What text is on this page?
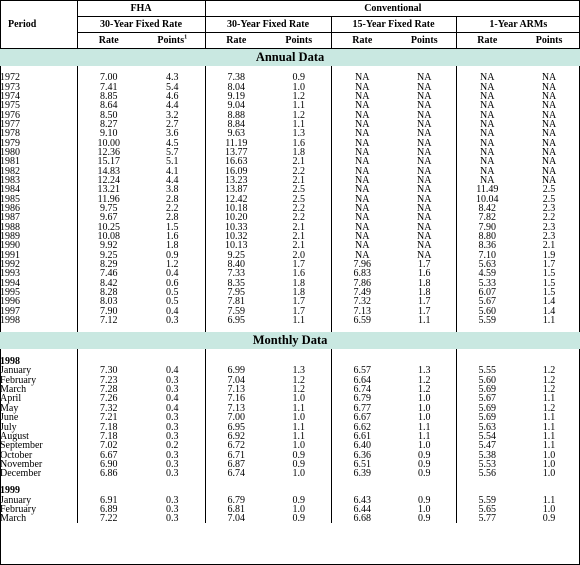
Period	FHA		Conventional					
	30-Year Fixed Rate		30-Year Fixed Rate		15-Year Fixed Rate		1-Year ARMs	
	Rate	Points$^1$	Rate	Points	Rate	Points	Rate	Points
Annual Data								

1972	7.00	4.3	7.38	0.9	NA	NA	NA	NA
1973	7.41	5.4	8.04	1.0	NA	NA	NA	NA
1974	8.85	4.6	9.19	1.2	NA	NA	NA	NA
1975	8.64	4.4	9.04	1.1	NA	NA	NA	NA
1976	8.50	3.2	8.88	1.2	NA	NA	NA	NA
1977	8.27	2.7	8.84	1.1	NA	NA	NA	NA
1978	9.10	3.6	9.63	1.3	NA	NA	NA	NA
1979	10.00	4.5	11.19	1.6	NA	NA	NA	NA
1980	12.36	5.7	13.77	1.8	NA	NA	NA	NA
1981	15.17	5.1	16.63	2.1	NA	NA	NA	NA
1982	14.83	4.1	16.09	2.2	NA	NA	NA	NA
1983	12.24	4.4	13.23	2.1	NA	NA	NA	NA
1984	13.21	3.8	13.87	2.5	NA	NA	11.49	2.5
1985	11.96	2.8	12.42	2.5	NA	NA	10.04	2.5
1986	9.75	2.2	10.18	2.2	NA	NA	8.42	2.3
1987	9.67	2.8	10.20	2.2	NA	NA	7.82	2.2
1988	10.25	1.5	10.33	2.1	NA	NA	7.90	2.3
1989	10.08	1.6	10.32	2.1	NA	NA	8.80	2.3
1990	9.92	1.8	10.13	2.1	NA	NA	8.36	2.1
1991	9.25	0.9	9.25	2.0	NA	NA	7.10	1.9
1992	8.29	1.2	8.40	1.7	7.96	1.7	5.63	1.7
1993	7.46	0.4	7.33	1.6	6.83	1.6	4.59	1.5
1994	8.42	0.6	8.35	1.8	7.86	1.8	5.33	1.5
1995	8.28	0.5	7.95	1.8	7.49	1.8	6.07	1.5
1996	8.03	0.5	7.81	1.7	7.32	1.7	5.67	1.4
1997	7.90	0.4	7.59	1.7	7.13	1.7	5.60	1.4
1998	7.12	0.3	6.95	1.1	6.59	1.1	5.59	1.1

Monthly Data								

1998								
January	7.30	0.4	6.99	1.3	6.57	1.3	5.55	1.2
February	7.23	0.3	7.04	1.2	6.64	1.2	5.60	1.2
March	7.28	0.3	7.13	1.2	6.74	1.2	5.69	1.2
April	7.26	0.4	7.16	1.0	6.79	1.0	5.67	1.1
May	7.32	0.4	7.13	1.1	6.77	1.0	5.69	1.2
June	7.21	0.3	7.00	1.0	6.67	1.0	5.69	1.1
July	7.18	0.3	6.95	1.1	6.62	1.1	5.63	1.1
August	7.18	0.3	6.92	1.1	6.61	1.1	5.54	1.1
September	7.02	0.2	6.72	1.0	6.40	1.0	5.47	1.1
October	6.67	0.3	6.71	0.9	6.36	0.9	5.38	1.0
November	6.90	0.3	6.87	0.9	6.51	0.9	5.53	1.0
December	6.86	0.3	6.74	1.0	6.39	0.9	5.56	1.0

1999								
January	6.91	0.3	6.79	0.9	6.43	0.9	5.59	1.1
February	6.89	0.3	6.81	1.0	6.44	1.0	5.65	1.0
March	7.22	0.3	7.04	0.9	6.68	0.9	5.77	0.9
